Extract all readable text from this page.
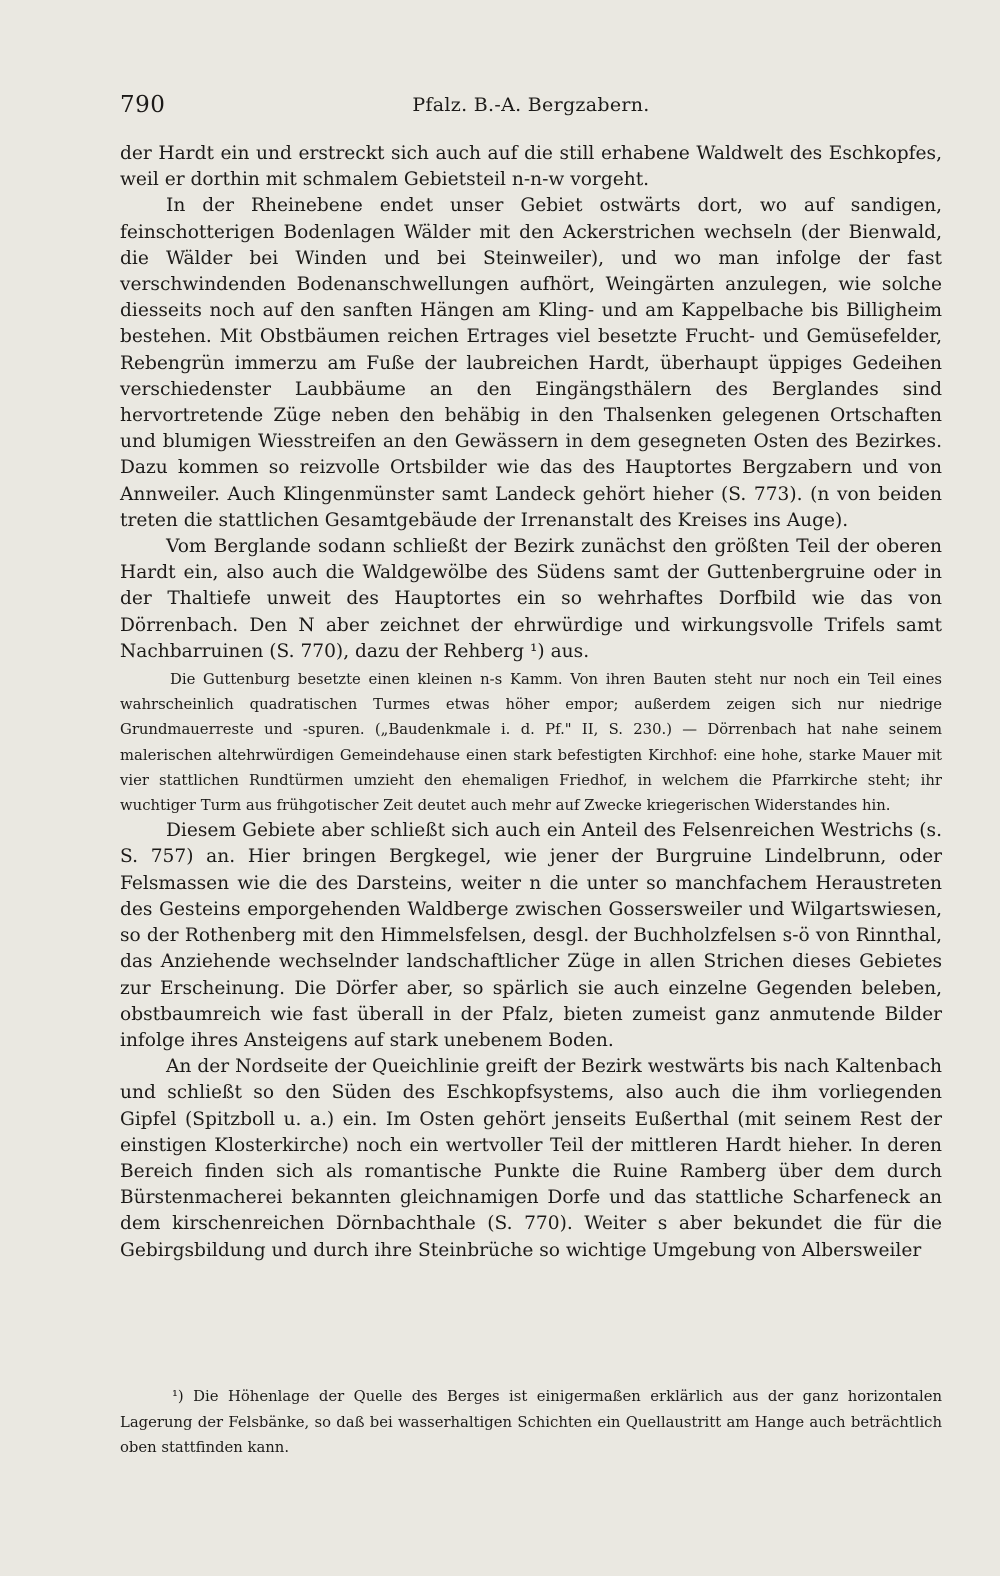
790	Pfalz. B.-A. Bergzabern.

der Hardt ein und erstreckt sich auch auf die still erhabene Waldwelt des Eschkopfes, weil er dorthin mit schmalem Gebietsteil n-n-w vorgeht.

In der Rheinebene endet unser Gebiet ostwärts dort, wo auf sandigen, feinschotterigen Bodenlagen Wälder mit den Ackerstrichen wechseln (der Bienwald, die Wälder bei Winden und bei Steinweiler), und wo man infolge der fast verschwindenden Bodenanschwellungen aufhört, Weingärten anzulegen, wie solche diesseits noch auf den sanften Hängen am Kling- und am Kappelbache bis Billigheim bestehen. Mit Obstbäumen reichen Ertrages viel besetzte Frucht- und Gemüsefelder, Rebengrün immerzu am Fuße der laubreichen Hardt, überhaupt üppiges Gedeihen verschiedenster Laubbäume an den Eingängsthälern des Berglandes sind hervortretende Züge neben den behäbig in den Thalsenken gelegenen Ortschaften und blumigen Wiesstreifen an den Gewässern in dem gesegneten Osten des Bezirkes. Dazu kommen so reizvolle Ortsbilder wie das des Hauptortes Bergzabern und von Annweiler. Auch Klingenmünster samt Landeck gehört hieher (S. 773). (n von beiden treten die stattlichen Gesamtgebäude der Irrenanstalt des Kreises ins Auge).

Vom Berglande sodann schließt der Bezirk zunächst den größten Teil der oberen Hardt ein, also auch die Waldgewölbe des Südens samt der Guttenbergruine oder in der Thaltiefe unweit des Hauptortes ein so wehrhaftes Dorfbild wie das von Dörrenbach. Den N aber zeichnet der ehrwürdige und wirkungsvolle Trifels samt Nachbarruinen (S. 770), dazu der Rehberg ¹) aus.

Die Guttenburg besetzte einen kleinen n-s Kamm. Von ihren Bauten steht nur noch ein Teil eines wahrscheinlich quadratischen Turmes etwas höher empor; außerdem zeigen sich nur niedrige Grundmauerreste und -spuren. („Baudenkmale i. d. Pf." II, S. 230.) — Dörrenbach hat nahe seinem malerischen altehrwürdigen Gemeindehause einen stark befestigten Kirchhof: eine hohe, starke Mauer mit vier stattlichen Rundtürmen umzieht den ehemaligen Friedhof, in welchem die Pfarrkirche steht; ihr wuchtiger Turm aus frühgotischer Zeit deutet auch mehr auf Zwecke kriegerischen Widerstandes hin.

Diesem Gebiete aber schließt sich auch ein Anteil des Felsenreichen Westrichs (s. S. 757) an. Hier bringen Bergkegel, wie jener der Burgruine Lindelbrunn, oder Felsmassen wie die des Darsteins, weiter n die unter so manchfachem Heraustreten des Gesteins emporgehenden Waldberge zwischen Gossersweiler und Wilgartswiesen, so der Rothenberg mit den Himmelsfelsen, desgl. der Buchholzfelsen s-ö von Rinnthal, das Anziehende wechselnder landschaftlicher Züge in allen Strichen dieses Gebietes zur Erscheinung. Die Dörfer aber, so spärlich sie auch einzelne Gegenden beleben, obstbaumreich wie fast überall in der Pfalz, bieten zumeist ganz anmutende Bilder infolge ihres Ansteigens auf stark unebenem Boden.

An der Nordseite der Queichlinie greift der Bezirk westwärts bis nach Kaltenbach und schließt so den Süden des Eschkopfsystems, also auch die ihm vorliegenden Gipfel (Spitzboll u. a.) ein. Im Osten gehört jenseits Eußerthal (mit seinem Rest der einstigen Klosterkirche) noch ein wertvoller Teil der mittleren Hardt hieher. In deren Bereich finden sich als romantische Punkte die Ruine Ramberg über dem durch Bürstenmacherei bekannten gleichnamigen Dorfe und das stattliche Scharfeneck an dem kirschenreichen Dörnbachthale (S. 770). Weiter s aber bekundet die für die Gebirgsbildung und durch ihre Steinbrüche so wichtige Umgebung von Albersweiler

¹) Die Höhenlage der Quelle des Berges ist einigermaßen erklärlich aus der ganz horizontalen Lagerung der Felsbänke, so daß bei wasserhaltigen Schichten ein Quellaustritt am Hange auch beträchtlich oben stattfinden kann.
